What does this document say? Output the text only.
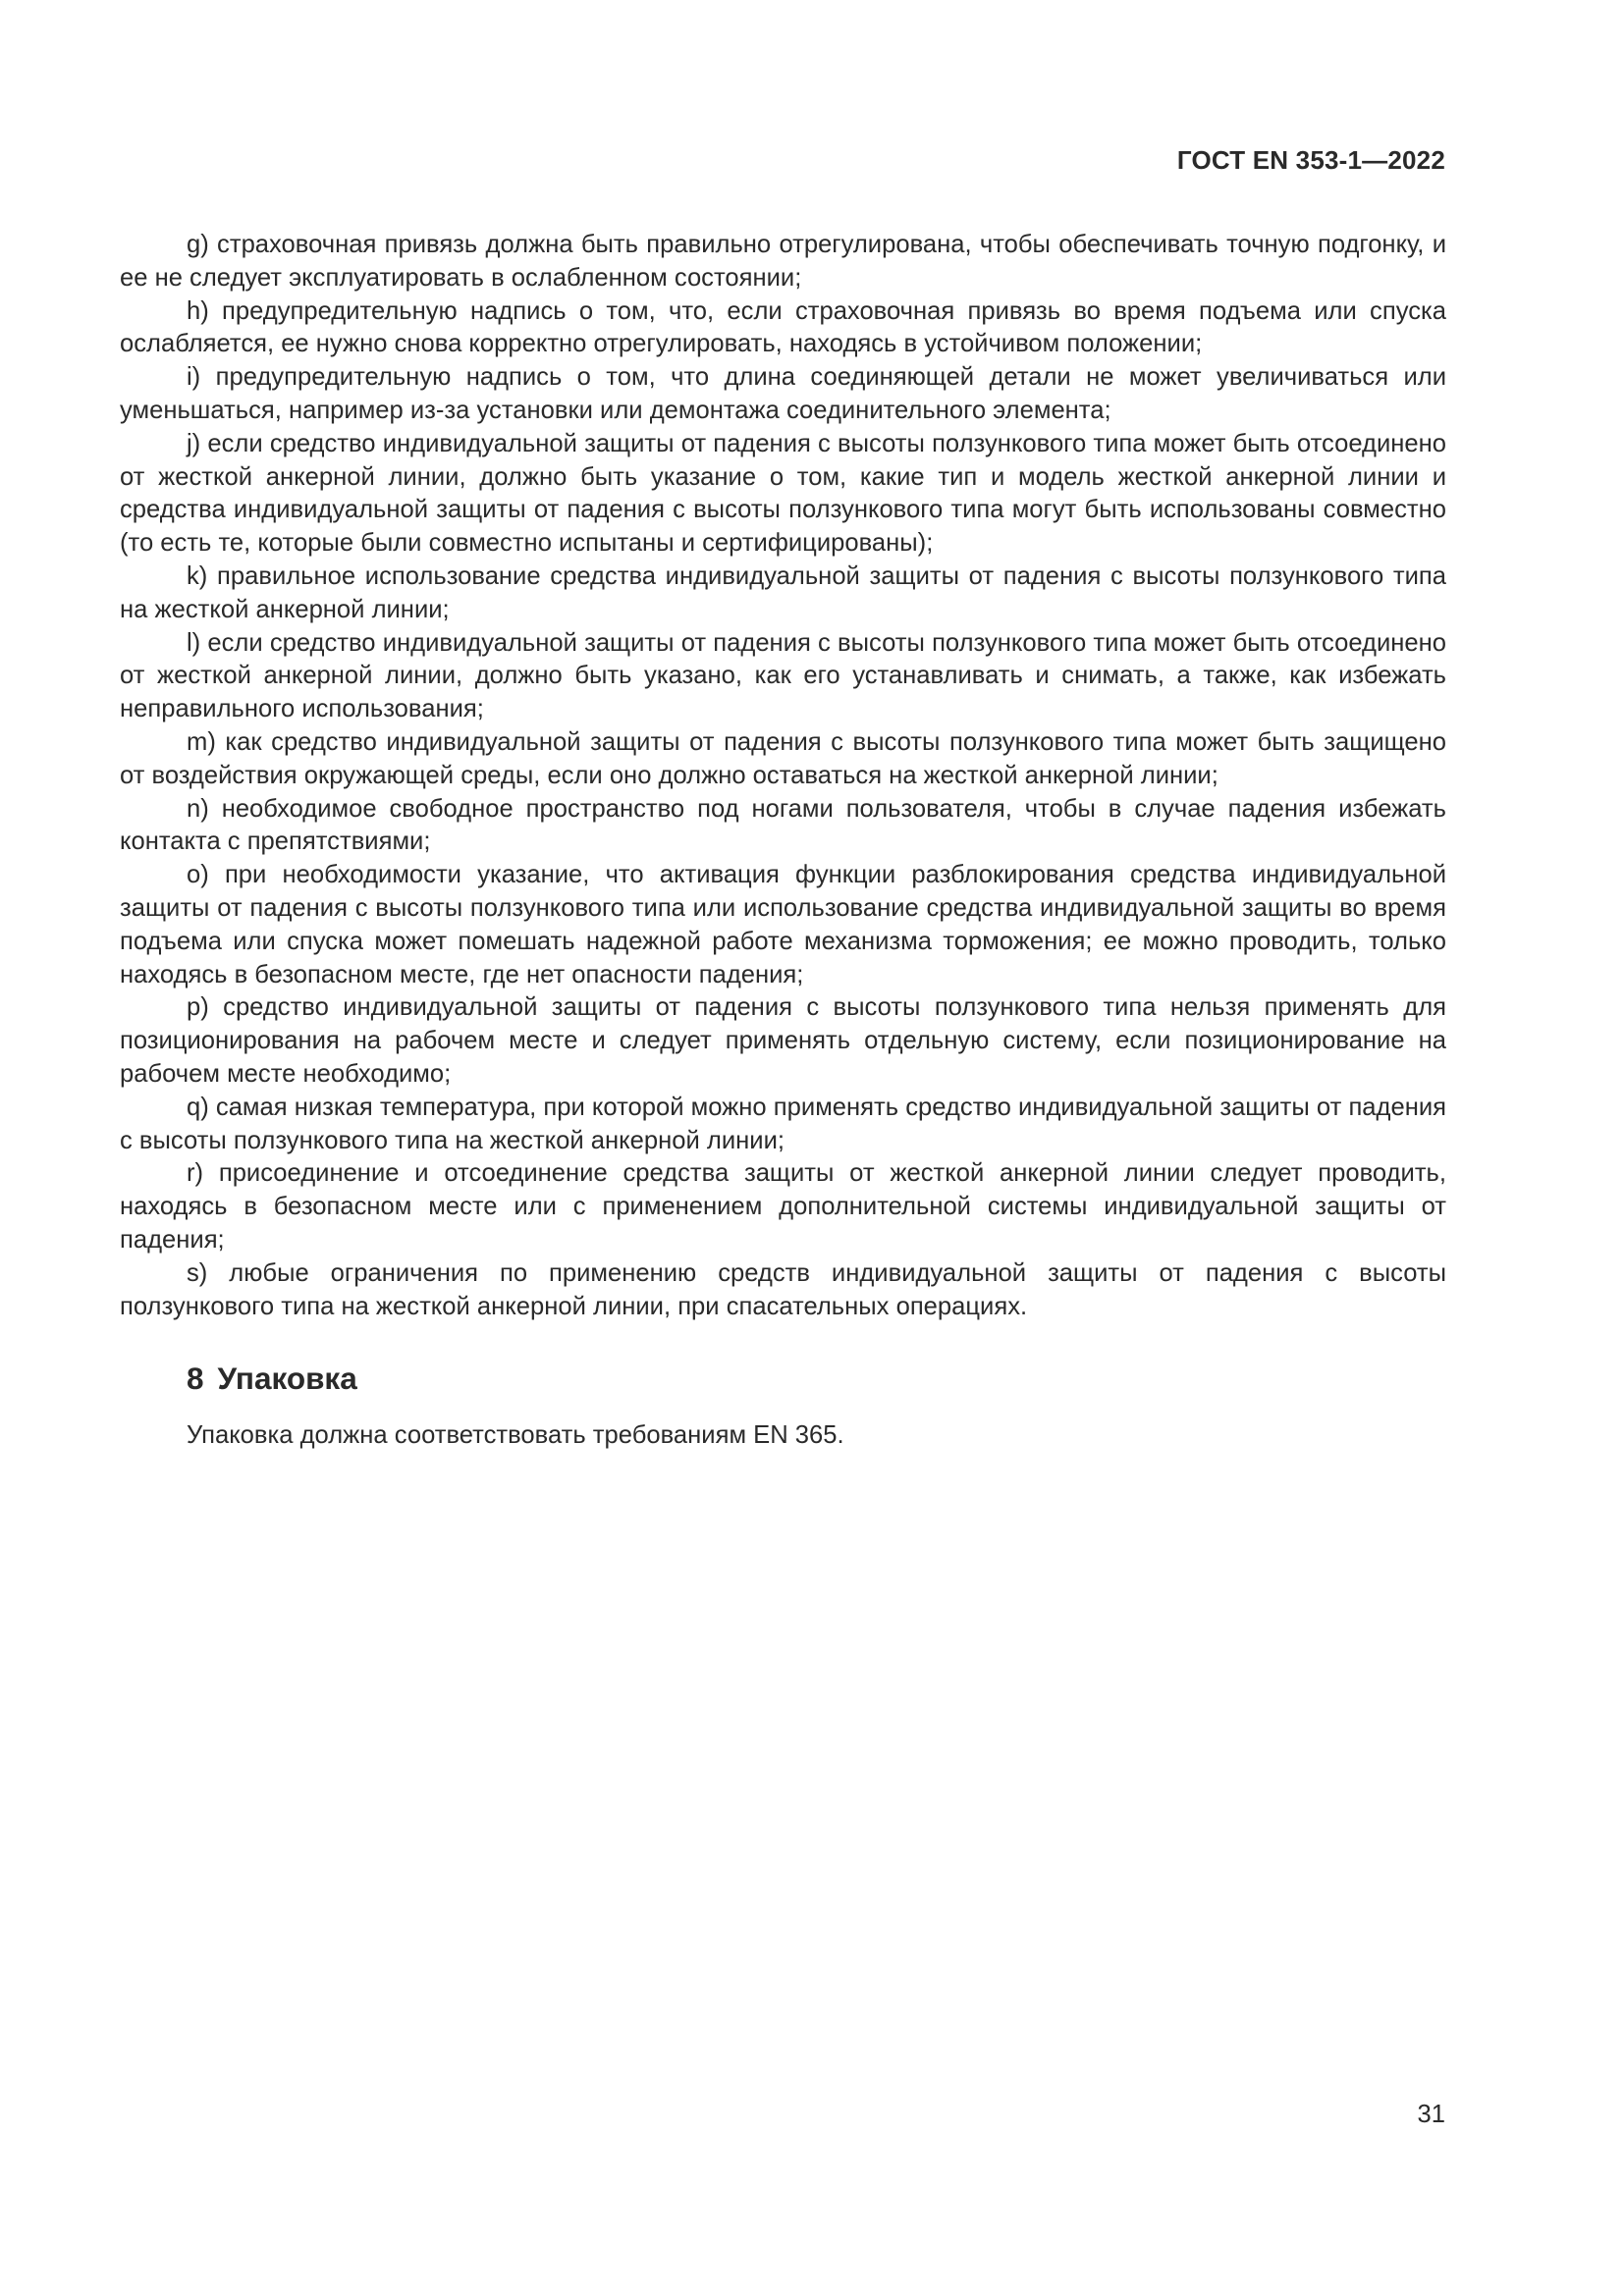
ГОСТ EN 353-1—2022
g) страховочная привязь должна быть правильно отрегулирована, чтобы обеспечивать точную подгонку, и ее не следует эксплуатировать в ослабленном состоянии;
h) предупредительную надпись о том, что, если страховочная привязь во время подъема или спуска ослабляется, ее нужно снова корректно отрегулировать, находясь в устойчивом положении;
i) предупредительную надпись о том, что длина соединяющей детали не может увеличиваться или уменьшаться, например из-за установки или демонтажа соединительного элемента;
j) если средство индивидуальной защиты от падения с высоты ползункового типа может быть отсоединено от жесткой анкерной линии, должно быть указание о том, какие тип и модель жесткой анкерной линии и средства индивидуальной защиты от падения с высоты ползункового типа могут быть использованы совместно (то есть те, которые были совместно испытаны и сертифицированы);
k) правильное использование средства индивидуальной защиты от падения с высоты ползункового типа на жесткой анкерной линии;
l) если средство индивидуальной защиты от падения с высоты ползункового типа может быть отсоединено от жесткой анкерной линии, должно быть указано, как его устанавливать и снимать, а также, как избежать неправильного использования;
m) как средство индивидуальной защиты от падения с высоты ползункового типа может быть защищено от воздействия окружающей среды, если оно должно оставаться на жесткой анкерной линии;
n) необходимое свободное пространство под ногами пользователя, чтобы в случае падения избежать контакта с препятствиями;
o) при необходимости указание, что активация функции разблокирования средства индивидуальной защиты от падения с высоты ползункового типа или использование средства индивидуальной защиты во время подъема или спуска может помешать надежной работе механизма торможения; ее можно проводить, только находясь в безопасном месте, где нет опасности падения;
p) средство индивидуальной защиты от падения с высоты ползункового типа нельзя применять для позиционирования на рабочем месте и следует применять отдельную систему, если позиционирование на рабочем месте необходимо;
q) самая низкая температура, при которой можно применять средство индивидуальной защиты от падения с высоты ползункового типа на жесткой анкерной линии;
r) присоединение и отсоединение средства защиты от жесткой анкерной линии следует проводить, находясь в безопасном месте или с применением дополнительной системы индивидуальной защиты от падения;
s) любые ограничения по применению средств индивидуальной защиты от падения с высоты ползункового типа на жесткой анкерной линии, при спасательных операциях.
8 Упаковка

Упаковка должна соответствовать требованиям EN 365.

31
